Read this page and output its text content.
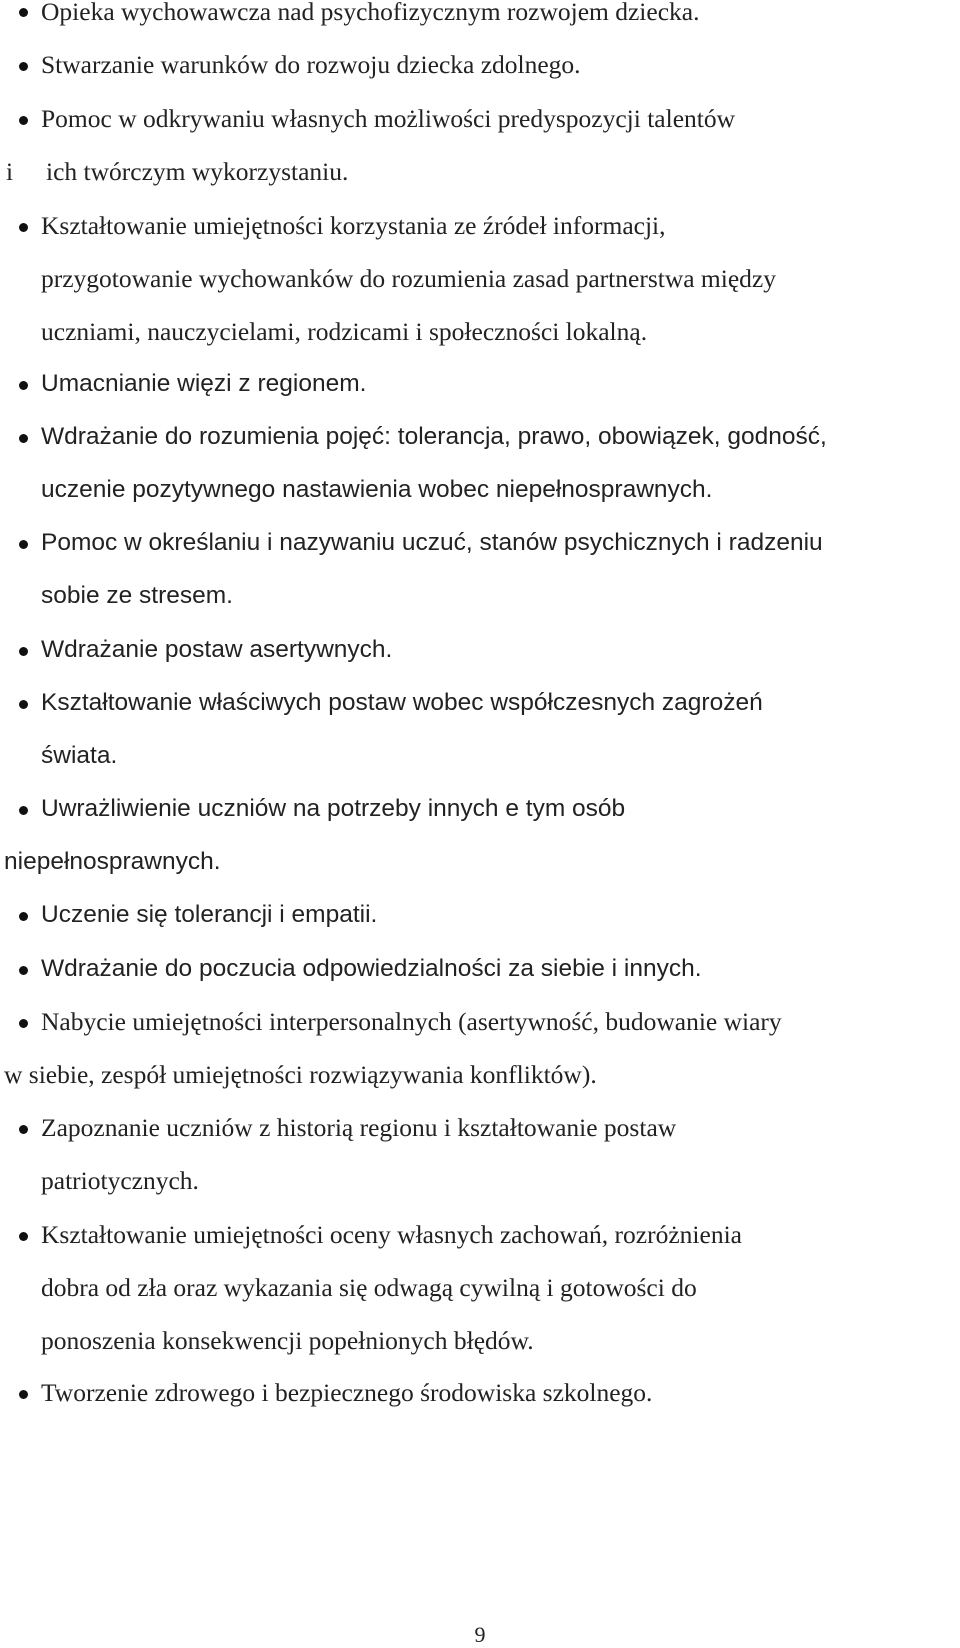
Opieka wychowawcza nad psychofizycznym rozwojem dziecka.
Stwarzanie warunków do rozwoju dziecka zdolnego.
Pomoc w odkrywaniu własnych możliwości predyspozycji talentów
i ich twórczym wykorzystaniu.
Kształtowanie umiejętności korzystania ze źródeł informacji,
przygotowanie wychowanków do rozumienia zasad partnerstwa między
uczniami, nauczycielami, rodzicami i społeczności lokalną.
Umacnianie więzi z regionem.
Wdrażanie do rozumienia pojęć: tolerancja, prawo, obowiązek, godność,
uczenie pozytywnego nastawienia wobec niepełnosprawnych.
Pomoc w określaniu i nazywaniu uczuć, stanów psychicznych i radzeniu
sobie ze stresem.
Wdrażanie postaw asertywnych.
Kształtowanie właściwych postaw wobec współczesnych zagrożeń
świata.
Uwrażliwienie uczniów na potrzeby innych e tym osób
niepełnosprawnych.
Uczenie się tolerancji i empatii.
Wdrażanie do poczucia odpowiedzialności za siebie i innych.
Nabycie umiejętności interpersonalnych (asertywność, budowanie wiary
w siebie, zespół umiejętności rozwiązywania konfliktów).
Zapoznanie uczniów z historią regionu i kształtowanie postaw
patriotycznych.
Kształtowanie umiejętności oceny własnych zachowań, rozróżnienia
dobra od zła oraz wykazania się odwagą cywilną i gotowości do
ponoszenia konsekwencji popełnionych błędów.
Tworzenie zdrowego i bezpiecznego środowiska szkolnego.
9
